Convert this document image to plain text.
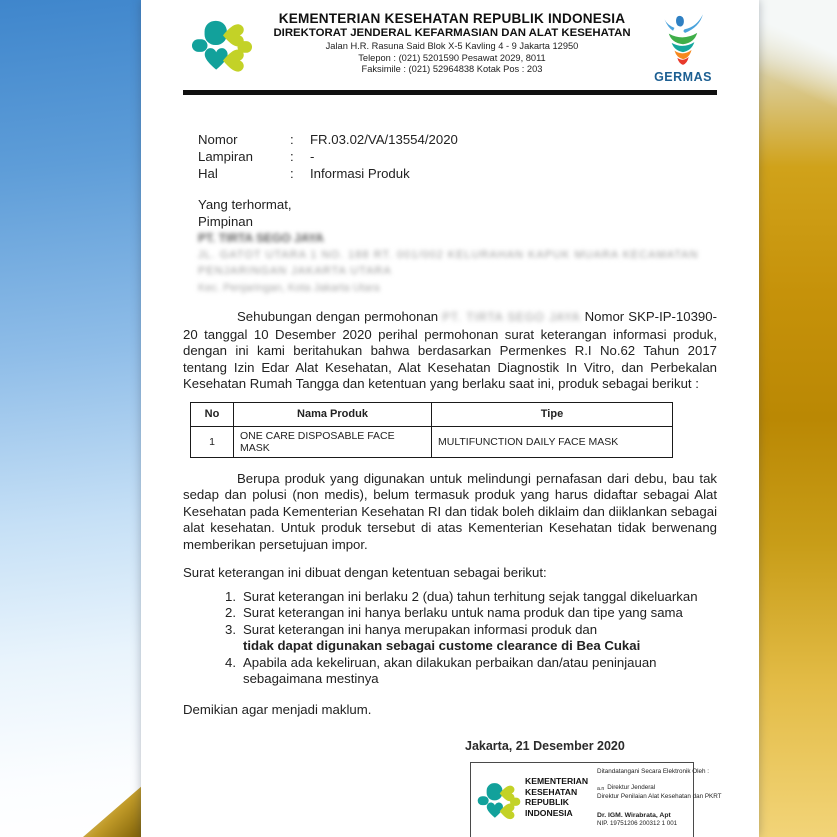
KEMENTERIAN KESEHATAN REPUBLIK INDONESIA
DIREKTORAT JENDERAL KEFARMASIAN DAN ALAT KESEHATAN
Jalan H.R. Rasuna Said Blok X-5 Kavling 4 - 9 Jakarta 12950
Telepon : (021) 5201590 Pesawat 2029, 8011
Faksimile : (021) 52964838 Kotak Pos : 203
GERMAS
Nomor	:	FR.03.02/VA/13554/2020
Lampiran	:	-
Hal	:	Informasi Produk
Yang terhormat,
Pimpinan
PT. TIRTA SEGO JAYA
JL. GATOT UTARA 1 NO. 188 RT. 001/002 KELURAHAN KAPUK MUARA KECAMATAN
PENJARINGAN JAKARTA UTARA
Kec. Penjaringan, Kota Jakarta Utara
Sehubungan dengan permohonan PT. TIRTA SEGO JAYA Nomor SKP-IP-10390-20 tanggal 10 Desember 2020 perihal permohonan surat keterangan informasi produk, dengan ini kami beritahukan bahwa berdasarkan Permenkes R.I No.62 Tahun 2017 tentang Izin Edar Alat Kesehatan, Alat Kesehatan Diagnostik In Vitro, dan Perbekalan Kesehatan Rumah Tangga dan ketentuan yang berlaku saat ini, produk sebagai berikut :
No	Nama Produk	Tipe
1	ONE CARE DISPOSABLE FACE MASK	MULTIFUNCTION DAILY FACE MASK
Berupa produk yang digunakan untuk melindungi pernafasan dari debu, bau tak sedap dan polusi (non medis), belum termasuk produk yang harus didaftar sebagai Alat Kesehatan pada Kementerian Kesehatan RI dan tidak boleh diklaim dan diiklankan sebagai alat kesehatan. Untuk produk tersebut di atas Kementerian Kesehatan tidak berwenang memberikan persetujuan impor.
Surat keterangan ini dibuat dengan ketentuan sebagai berikut:
1. Surat keterangan ini berlaku 2 (dua) tahun terhitung sejak tanggal dikeluarkan
2. Surat keterangan ini hanya berlaku untuk nama produk dan tipe yang sama
3. Surat keterangan ini hanya merupakan informasi produk dan
tidak dapat digunakan sebagai custome clearance di Bea Cukai
4. Apabila ada kekeliruan, akan dilakukan perbaikan dan/atau peninjauan sebagaimana mestinya
Demikian agar menjadi maklum.
Jakarta, 21 Desember 2020
KEMENTERIAN
KESEHATAN
REPUBLIK
INDONESIA
Ditandatangani Secara Elektronik Oleh :
a.n Direktur Jenderal
Direktur Penilaian Alat Kesehatan dan PKRT
Dr. IGM. Wirabrata, Apt
NIP. 19751206 200312 1 001
